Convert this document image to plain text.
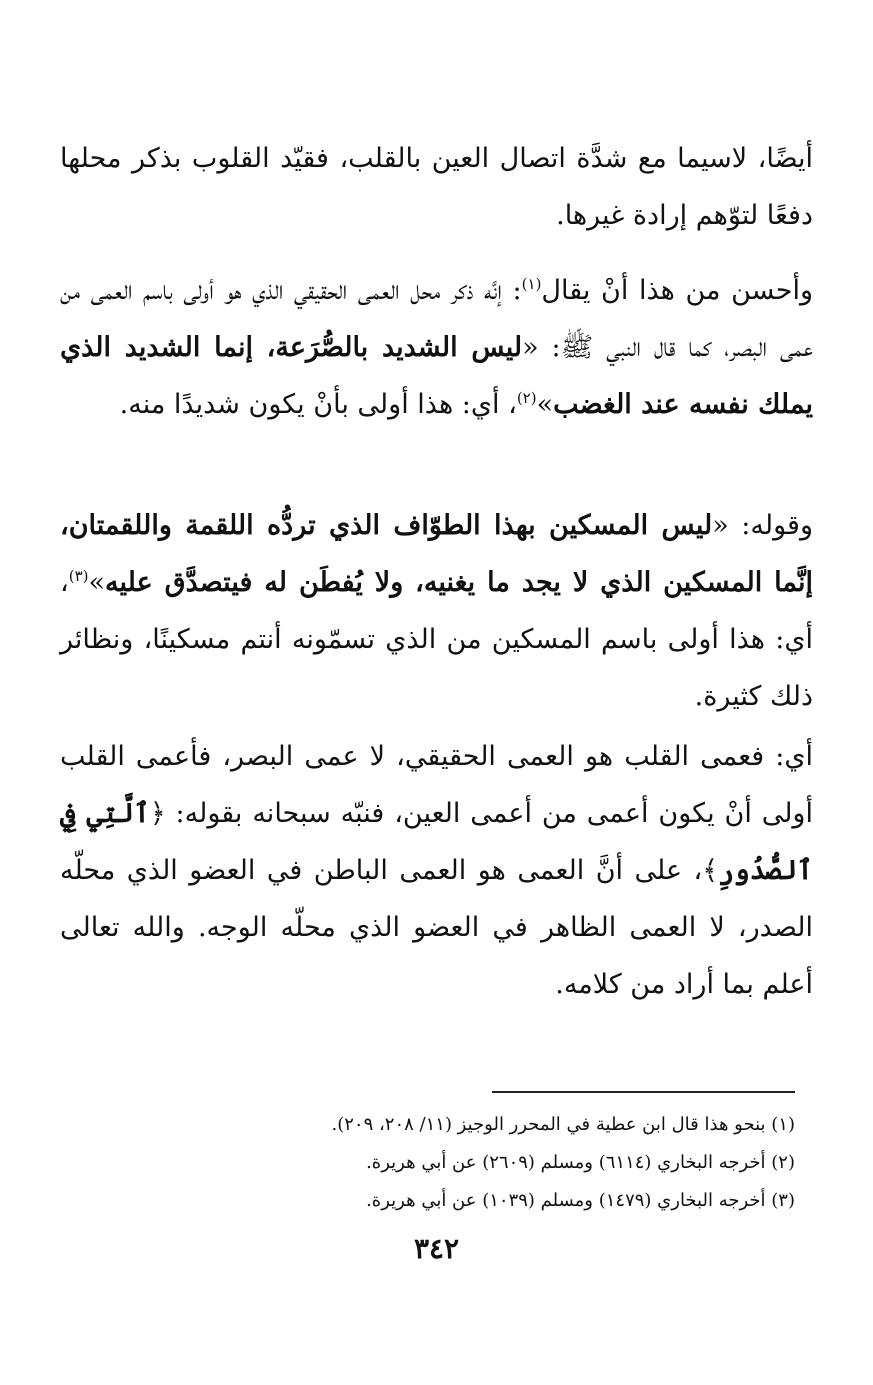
أيضًا، لاسيما مع شدَّة اتصال العين بالقلب، فقيّد القلوب بذكر محلها دفعًا لتوّهم إرادة غيرها.

وأحسن من هذا أنْ يقال$^{(١)}$: إنَّه ذكر محل العمى الحقيقي الذي هو أولى باسم العمى من عمى البصر، كما قال النبي ﷺ: «ليس الشديد بالصُّرَعة، إنما الشديد الذي يملك نفسه عند الغضب»$^{(٢)}$، أي: هذا أولى بأنْ يكون شديدًا منه.

وقوله: «ليس المسكين بهذا الطوّاف الذي تردُّه اللقمة واللقمتان، إنَّما المسكين الذي لا يجد ما يغنيه، ولا يُفطَن له فيتصدَّق عليه»$^{(٣)}$، أي: هذا أولى باسم المسكين من الذي تسمّونه أنتم مسكينًا، ونظائر ذلك كثيرة.

أي: فعمى القلب هو العمى الحقيقي، لا عمى البصر، فأعمى القلب أولى أنْ يكون أعمى من أعمى العين، فنبّه سبحانه بقوله: ﴿ٱلَّتِي فِي ٱلصُّدُورِ﴾، على أنَّ العمى هو العمى الباطن في العضو الذي محلّه الصدر، لا العمى الظاهر في العضو الذي محلّه الوجه. والله تعالى أعلم بما أراد من كلامه.

(١) بنحو هذا قال ابن عطية في المحرر الوجيز (١١/ ٢٠٨، ٢٠٩).
(٢) أخرجه البخاري (٦١١٤) ومسلم (٢٦٠٩) عن أبي هريرة.
(٣) أخرجه البخاري (١٤٧٩) ومسلم (١٠٣٩) عن أبي هريرة.
٣٤٢
